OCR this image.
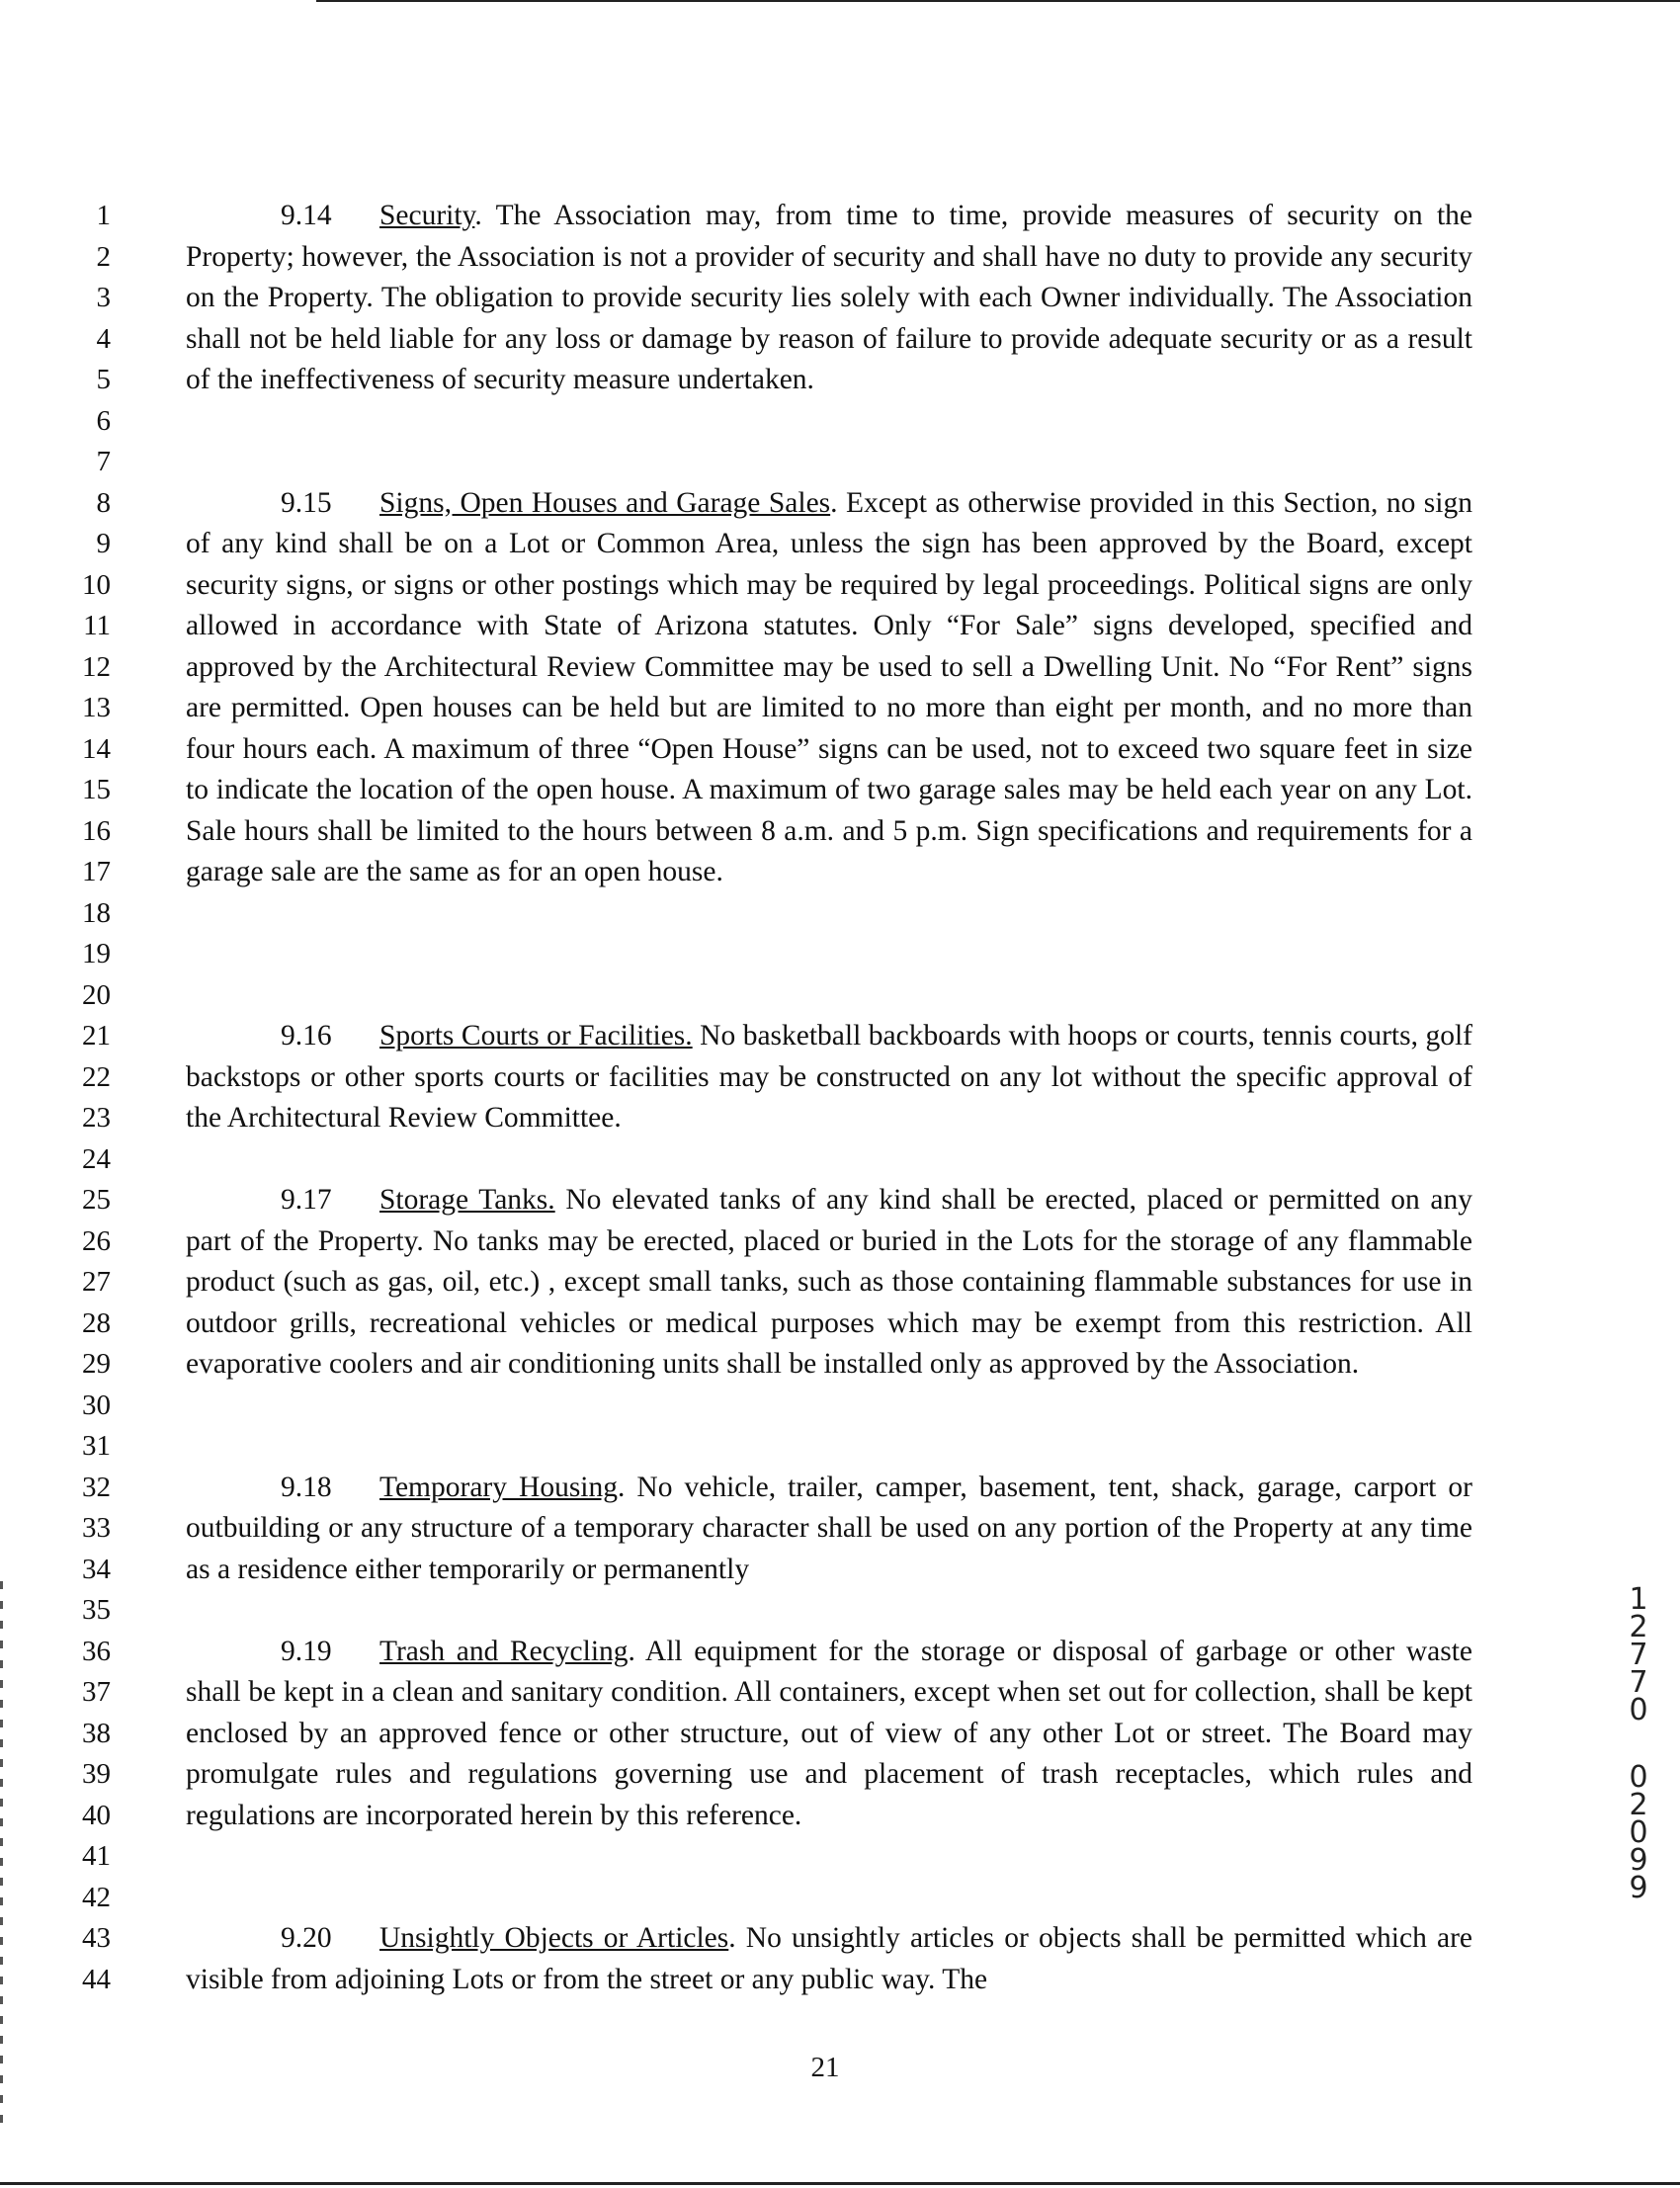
1
2
3
4
5
6
7
8
9
10
11
12
13
14
15
16
17
18
19
20
21
22
23
24
25
26
27
28
29
30
31
32
33
34
35
36
37
38
39
40
41
42
43
44

9.14 Security. The Association may, from time to time, provide measures of security on the Property; however, the Association is not a provider of security and shall have no duty to provide any security on the Property. The obligation to provide security lies solely with each Owner individually. The Association shall not be held liable for any loss or damage by reason of failure to provide adequate security or as a result of the ineffectiveness of security measure undertaken.

9.15 Signs, Open Houses and Garage Sales. Except as otherwise provided in this Section, no sign of any kind shall be on a Lot or Common Area, unless the sign has been approved by the Board, except security signs, or signs or other postings which may be required by legal proceedings. Political signs are only allowed in accordance with State of Arizona statutes. Only “For Sale” signs developed, specified and approved by the Architectural Review Committee may be used to sell a Dwelling Unit. No “For Rent” signs are permitted. Open houses can be held but are limited to no more than eight per month, and no more than four hours each. A maximum of three “Open House” signs can be used, not to exceed two square feet in size to indicate the location of the open house. A maximum of two garage sales may be held each year on any Lot. Sale hours shall be limited to the hours between 8 a.m. and 5 p.m. Sign specifications and requirements for a garage sale are the same as for an open house.

9.16 Sports Courts or Facilities. No basketball backboards with hoops or courts, tennis courts, golf backstops or other sports courts or facilities may be constructed on any lot without the specific approval of the Architectural Review Committee.

9.17 Storage Tanks. No elevated tanks of any kind shall be erected, placed or permitted on any part of the Property. No tanks may be erected, placed or buried in the Lots for the storage of any flammable product (such as gas, oil, etc.) , except small tanks, such as those containing flammable substances for use in outdoor grills, recreational vehicles or medical purposes which may be exempt from this restriction. All evaporative coolers and air conditioning units shall be installed only as approved by the Association.

9.18 Temporary Housing. No vehicle, trailer, camper, basement, tent, shack, garage, carport or outbuilding or any structure of a temporary character shall be used on any portion of the Property at any time as a residence either temporarily or permanently

9.19 Trash and Recycling. All equipment for the storage or disposal of garbage or other waste shall be kept in a clean and sanitary condition. All containers, except when set out for collection, shall be kept enclosed by an approved fence or other structure, out of view of any other Lot or street. The Board may promulgate rules and regulations governing use and placement of trash receptacles, which rules and regulations are incorporated herein by this reference.

9.20 Unsightly Objects or Articles. No unsightly articles or objects shall be permitted which are visible from adjoining Lots or from the street or any public way. The

1
2
7
7
0
0
2
0
9
9
21
